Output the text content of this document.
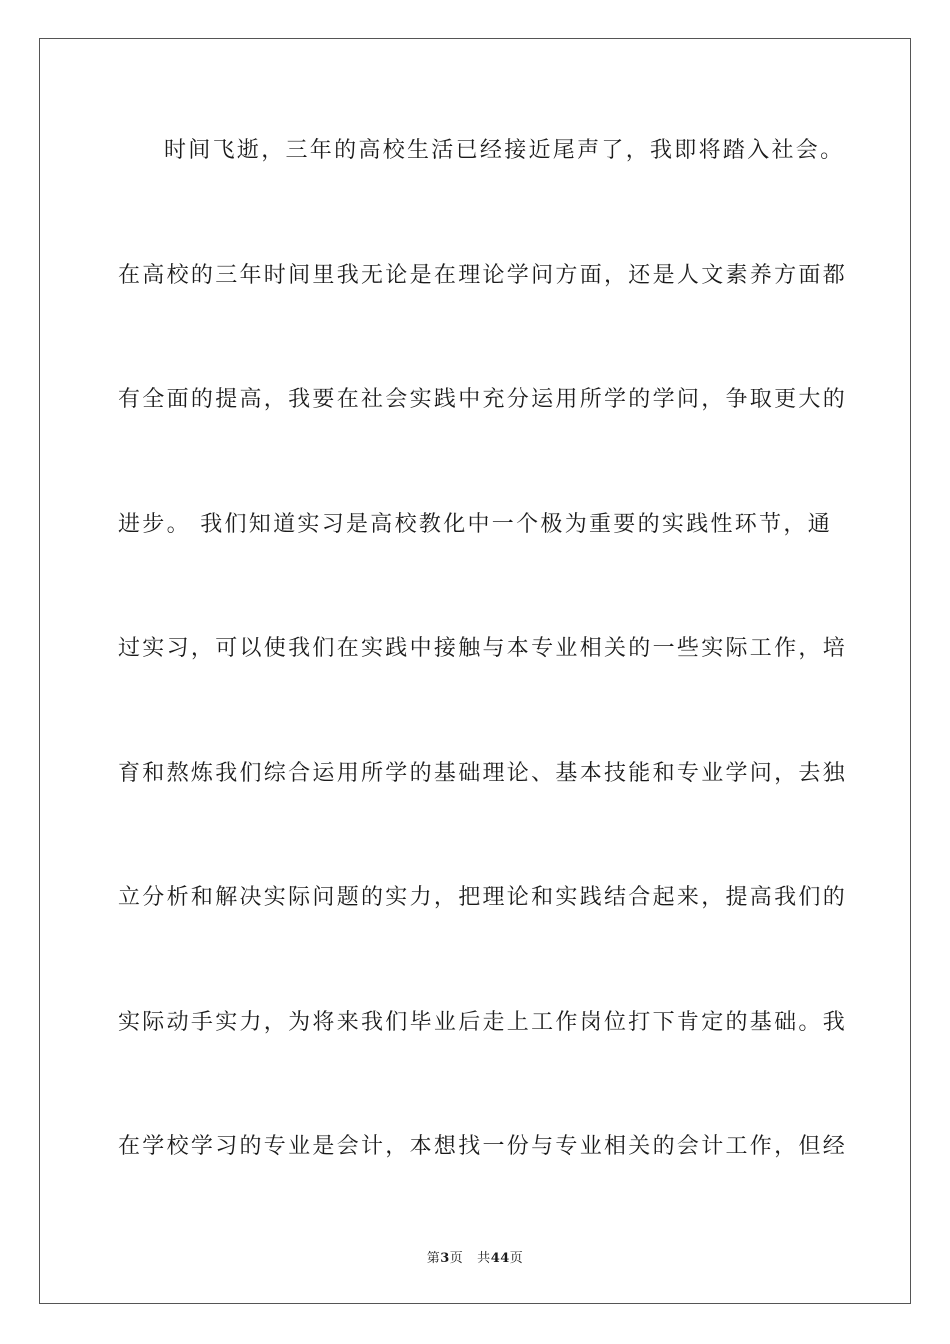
时间飞逝，三年的高校生活已经接近尾声了，我即将踏入社会。
在高校的三年时间里我无论是在理论学问方面，还是人文素养方面都
有全面的提高，我要在社会实践中充分运用所学的学问，争取更大的
进步。 我们知道实习是高校教化中一个极为重要的实践性环节，通
过实习，可以使我们在实践中接触与本专业相关的一些实际工作，培
育和熬炼我们综合运用所学的基础理论、基本技能和专业学问，去独
立分析和解决实际问题的实力，把理论和实践结合起来，提高我们的
实际动手实力，为将来我们毕业后走上工作岗位打下肯定的基础。我
在学校学习的专业是会计，本想找一份与专业相关的会计工作，但经
第3页 共44页
